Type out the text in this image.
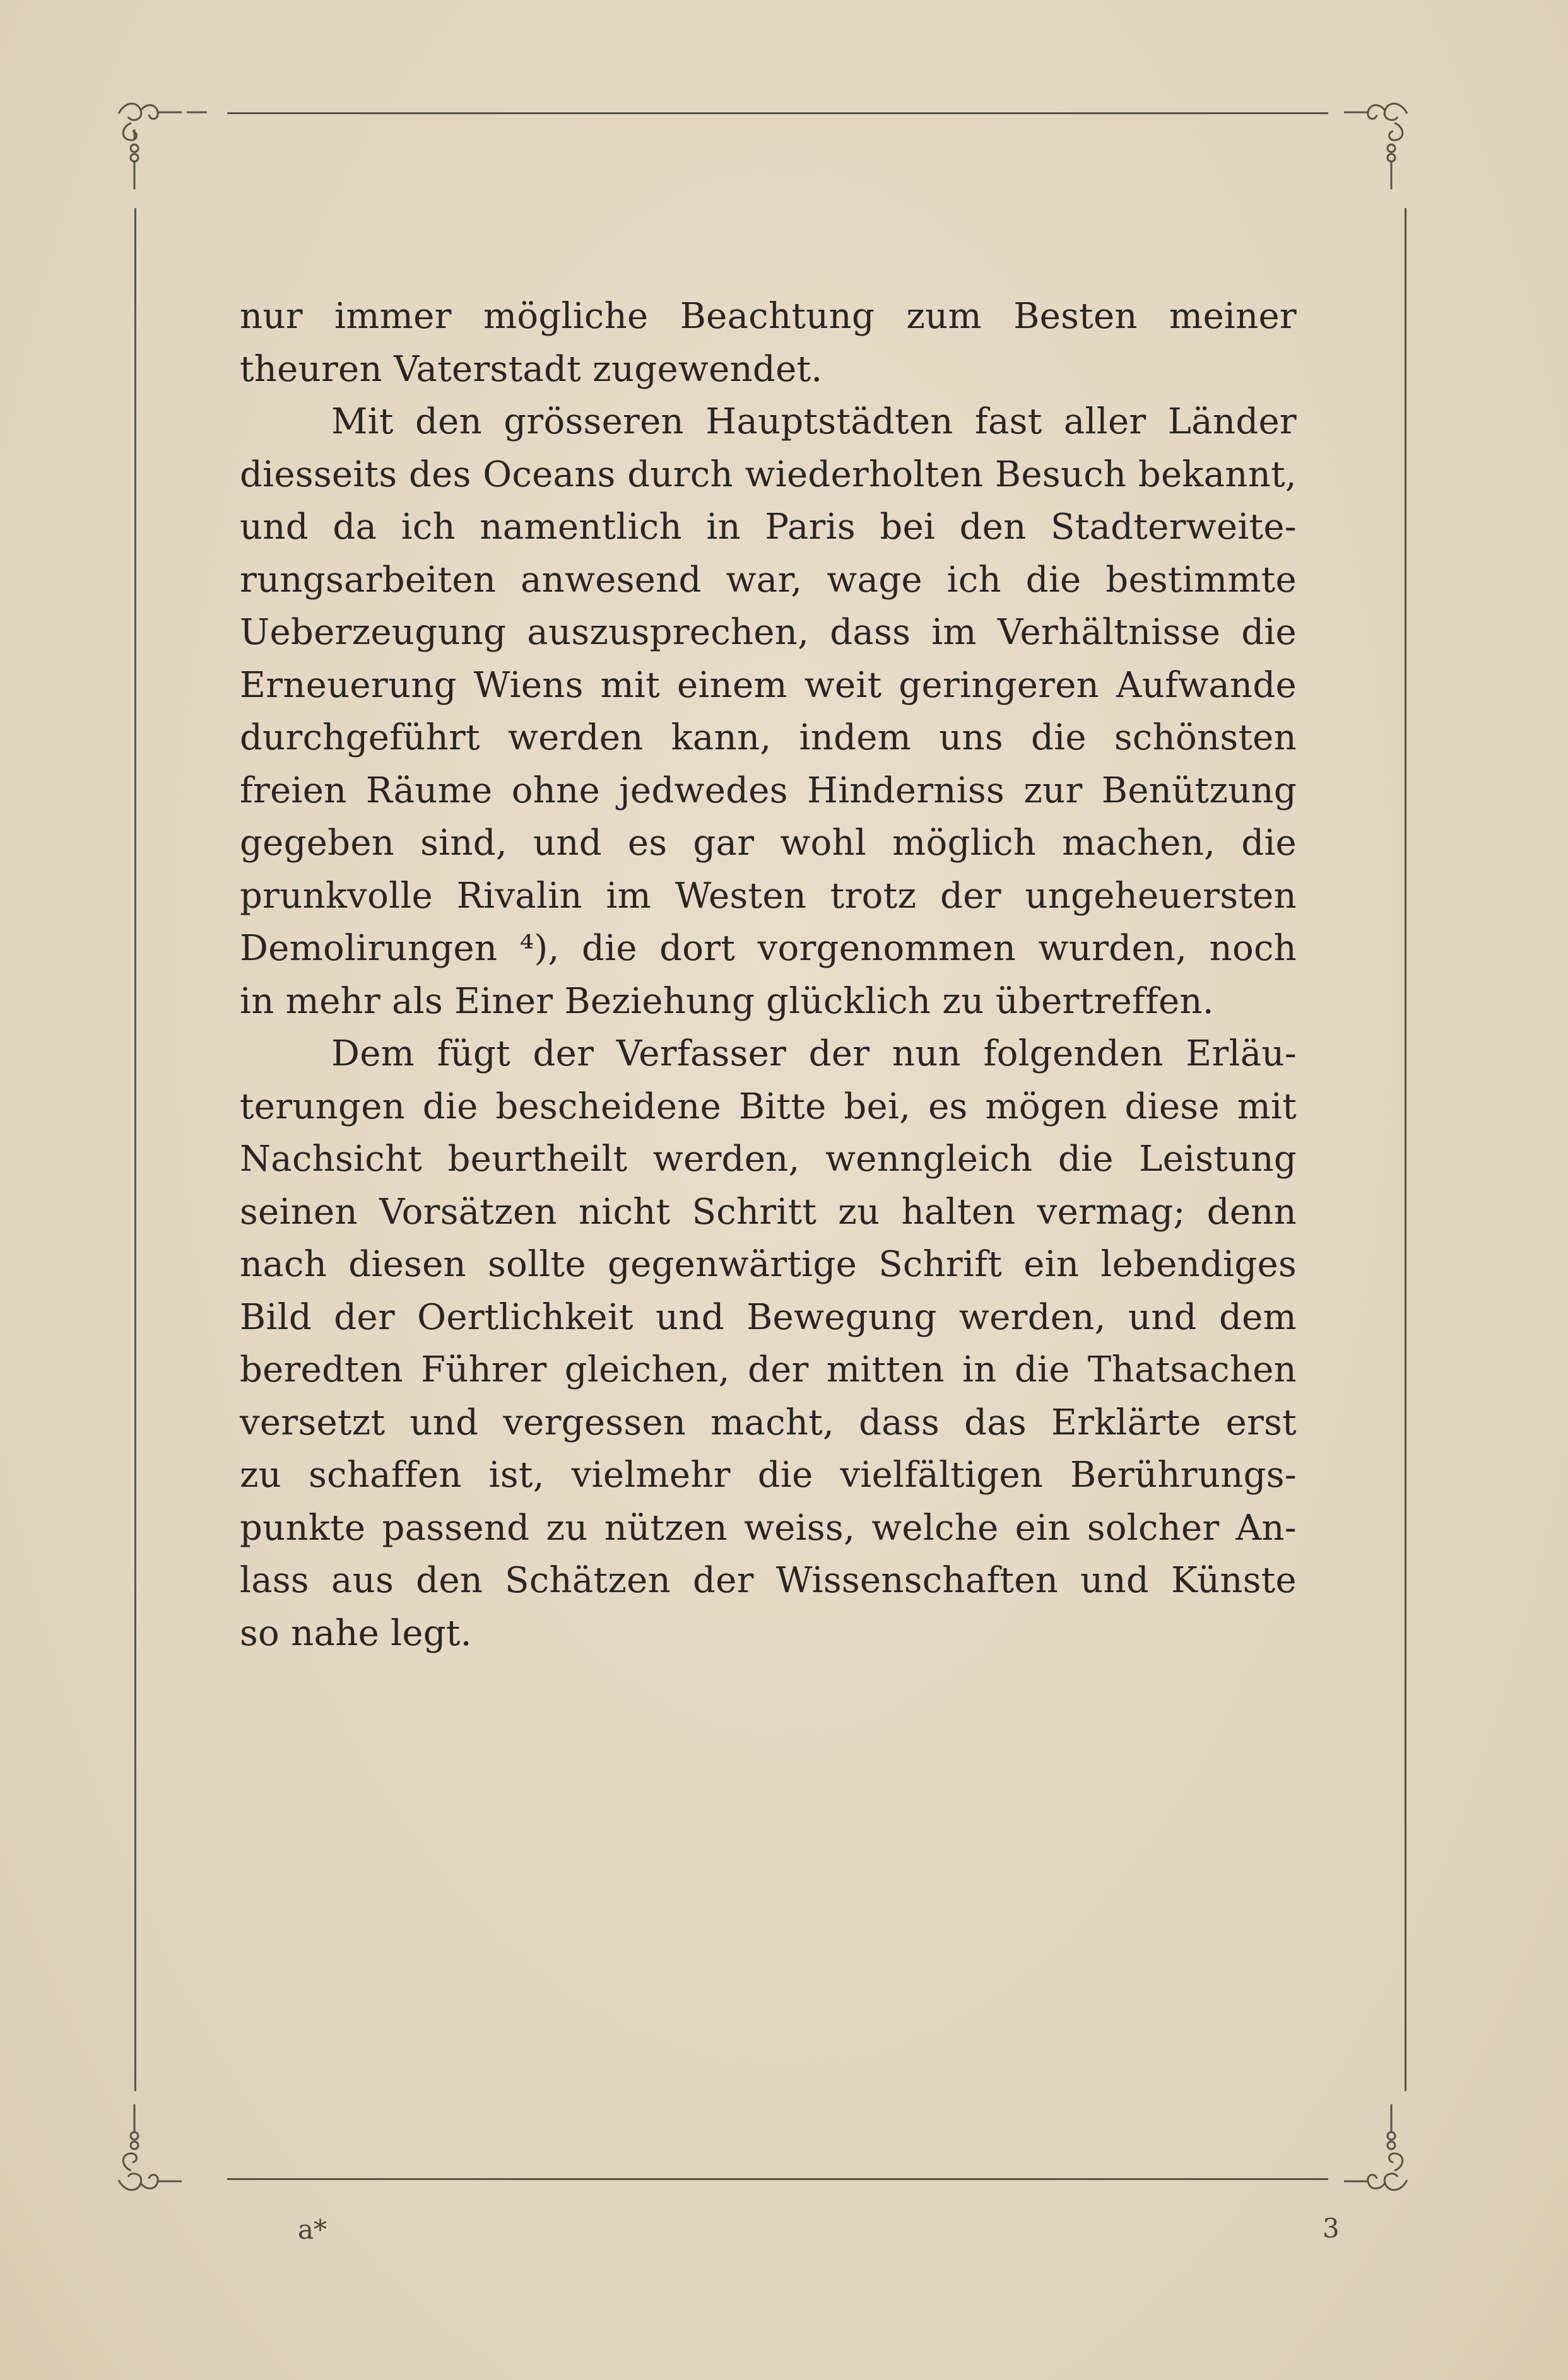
nur immer mögliche Beachtung zum Besten meiner
theuren Vaterstadt zugewendet.
Mit den grösseren Hauptstädten fast aller Länder
diesseits des Oceans durch wiederholten Besuch bekannt,
und da ich namentlich in Paris bei den Stadterweite-
rungsarbeiten anwesend war, wage ich die bestimmte
Ueberzeugung auszusprechen, dass im Verhältnisse die
Erneuerung Wiens mit einem weit geringeren Aufwande
durchgeführt werden kann, indem uns die schönsten
freien Räume ohne jedwedes Hinderniss zur Benützung
gegeben sind, und es gar wohl möglich machen, die
prunkvolle Rivalin im Westen trotz der ungeheuersten
Demolirungen ⁴), die dort vorgenommen wurden, noch
in mehr als Einer Beziehung glücklich zu übertreffen.
Dem fügt der Verfasser der nun folgenden Erläu-
terungen die bescheidene Bitte bei, es mögen diese mit
Nachsicht beurtheilt werden, wenngleich die Leistung
seinen Vorsätzen nicht Schritt zu halten vermag; denn
nach diesen sollte gegenwärtige Schrift ein lebendiges
Bild der Oertlichkeit und Bewegung werden, und dem
beredten Führer gleichen, der mitten in die Thatsachen
versetzt und vergessen macht, dass das Erklärte erst
zu schaffen ist, vielmehr die vielfältigen Berührungs-
punkte passend zu nützen weiss, welche ein solcher An-
lass aus den Schätzen der Wissenschaften und Künste
so nahe legt.
a*	3
